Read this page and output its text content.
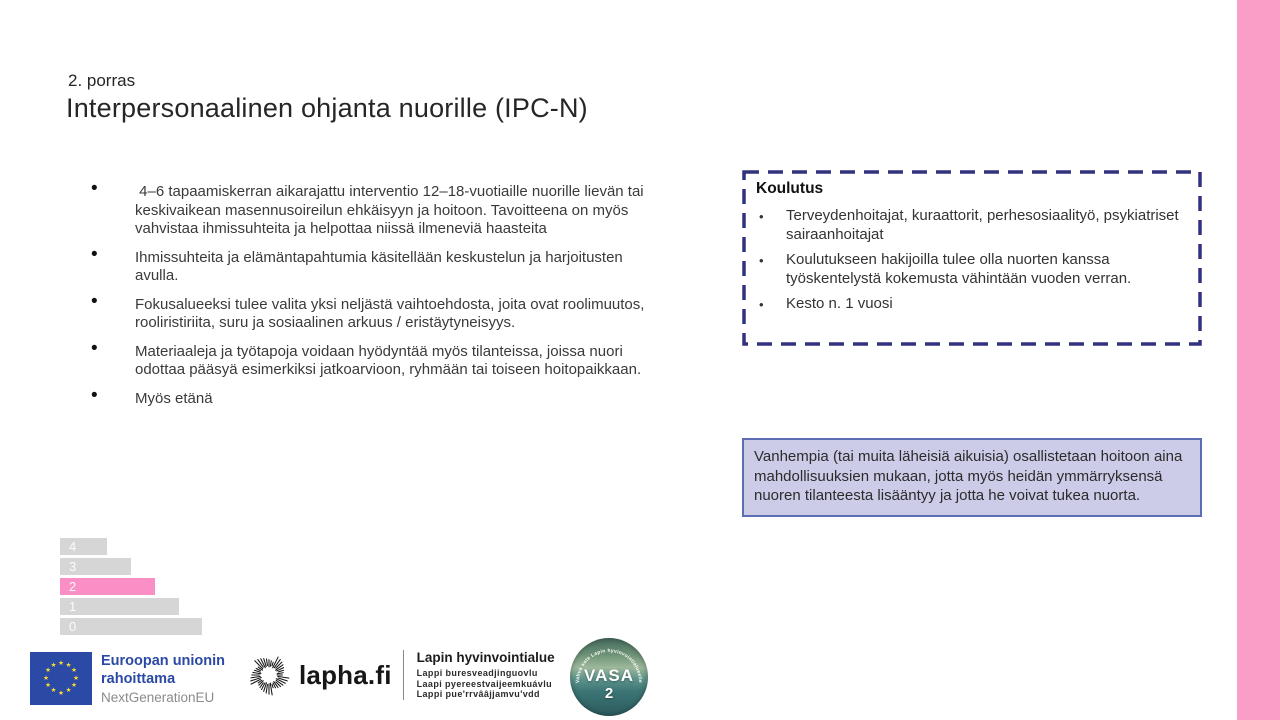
2. porras
Interpersonaalinen ohjanta nuorille (IPC-N)
•  4–6 tapaamiskerran aikarajattu interventio 12–18-vuotiaille nuorille lievän tai keskivaikean masennusoireilun ehkäisyyn ja hoitoon. Tavoitteena on myös vahvistaa ihmissuhteita ja helpottaa niissä ilmeneviä haasteita
• Ihmissuhteita ja elämäntapahtumia käsitellään keskustelun ja harjoitusten avulla.
• Fokusalueeksi tulee valita yksi neljästä vaihtoehdosta, joita ovat roolimuutos, rooliristiriita, suru ja sosiaalinen arkuus / eristäytyneisyys.
• Materiaaleja ja työtapoja voidaan hyödyntää myös tilanteissa, joissa nuori odottaa pääsyä esimerkiksi jatkoarvioon, ryhmään tai toiseen hoitopaikkaan.
• Myös etänä
Koulutus
• Terveydenhoitajat, kuraattorit, perhesosiaalityö, psykiatriset sairaanhoitajat
• Koulutukseen hakijoilla tulee olla nuorten kanssa työskentelystä kokemusta vähintään vuoden verran.
• Kesto n. 1 vuosi

Vanhempia (tai muita läheisiä aikuisia) osallistetaan hoitoon aina mahdollisuuksien mukaan, jotta myös heidän ymmärryksensä nuoren tilanteesta lisääntyy ja jotta he voivat tukea nuorta.

4
3
2
1
0
★ ★
★
★
★
★
★
★
★
★
★
★	Euroopan unionin
rahoittama
NextGenerationEU
lapha.fi
Lapin hyvinvointialue
Lappi buresveadjinguovlu
Laapi pyereestvaijeemkuávlu
Lappi pue'rrvââjjamvu'vdd
Vahva sote Lapin hyvinvointialueelle
VASA
2
